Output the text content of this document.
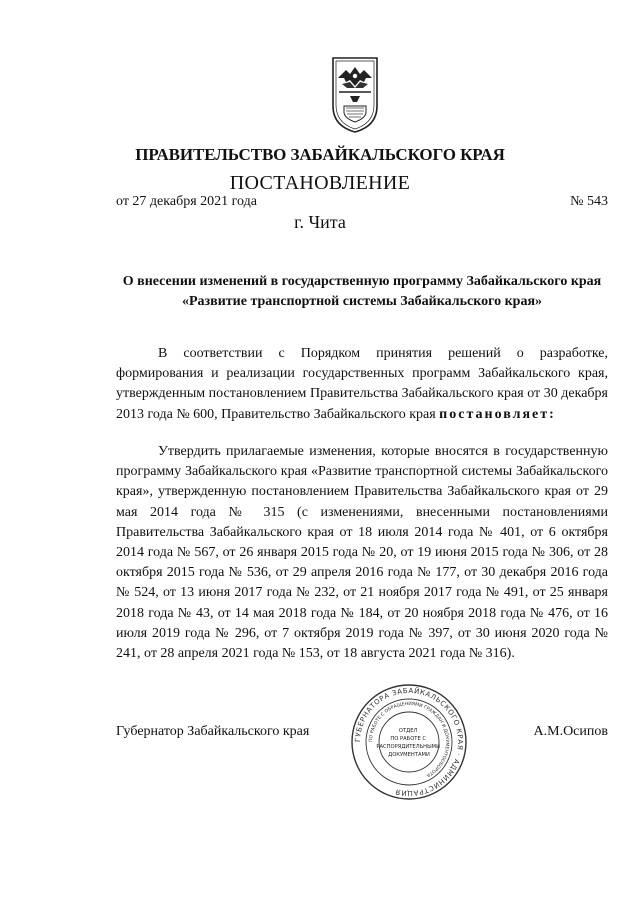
ПРАВИТЕЛЬСТВО ЗАБАЙКАЛЬСКОГО КРАЯ
ПОСТАНОВЛЕНИЕ
от 27 декабря 2021 года	№ 543
г. Чита
О внесении изменений в государственную программу Забайкальского края «Развитие транспортной системы Забайкальского края»

В соответствии с Порядком принятия решений о разработке, формирования и реализации государственных программ Забайкальского края, утвержденным постановлением Правительства Забайкальского края от 30 декабря 2013 года № 600, Правительство Забайкальского края постановляет:

Утвердить прилагаемые изменения, которые вносятся в государственную программу Забайкальского края «Развитие транспортной системы Забайкальского края», утвержденную постановлением Правительства Забайкальского края от 29 мая 2014 года № 315 (с изменениями, внесенными постановлениями Правительства Забайкальского края от 18 июля 2014 года № 401, от 6 октября 2014 года № 567, от 26 января 2015 года № 20, от 19 июня 2015 года № 306, от 28 октября 2015 года № 536, от 29 апреля 2016 года № 177, от 30 декабря 2016 года № 524, от 13 июня 2017 года № 232, от 21 ноября 2017 года № 491, от 25 января 2018 года № 43, от 14 мая 2018 года № 184, от 20 ноября 2018 года № 476, от 16 июля 2019 года № 296, от 7 октября 2019 года № 397, от 30 июня 2020 года № 241, от 28 апреля 2021 года № 153, от 18 августа 2021 года № 316).

Губернатор Забайкальского края	А.М.Осипов
ГУБЕРНАТОРА ЗАБАЙКАЛЬСКОГО КРАЯ · АДМИНИСТРАЦИЯ
ПО РАБОТЕ С ОБРАЩЕНИЯМИ ГРАЖДАН И ДОКУМЕНТООБОРОТА
ОТДЕЛ ПО РАБОТЕ С РАСПОРЯДИТЕЛЬНЫМИ ДОКУМЕНТАМИ
